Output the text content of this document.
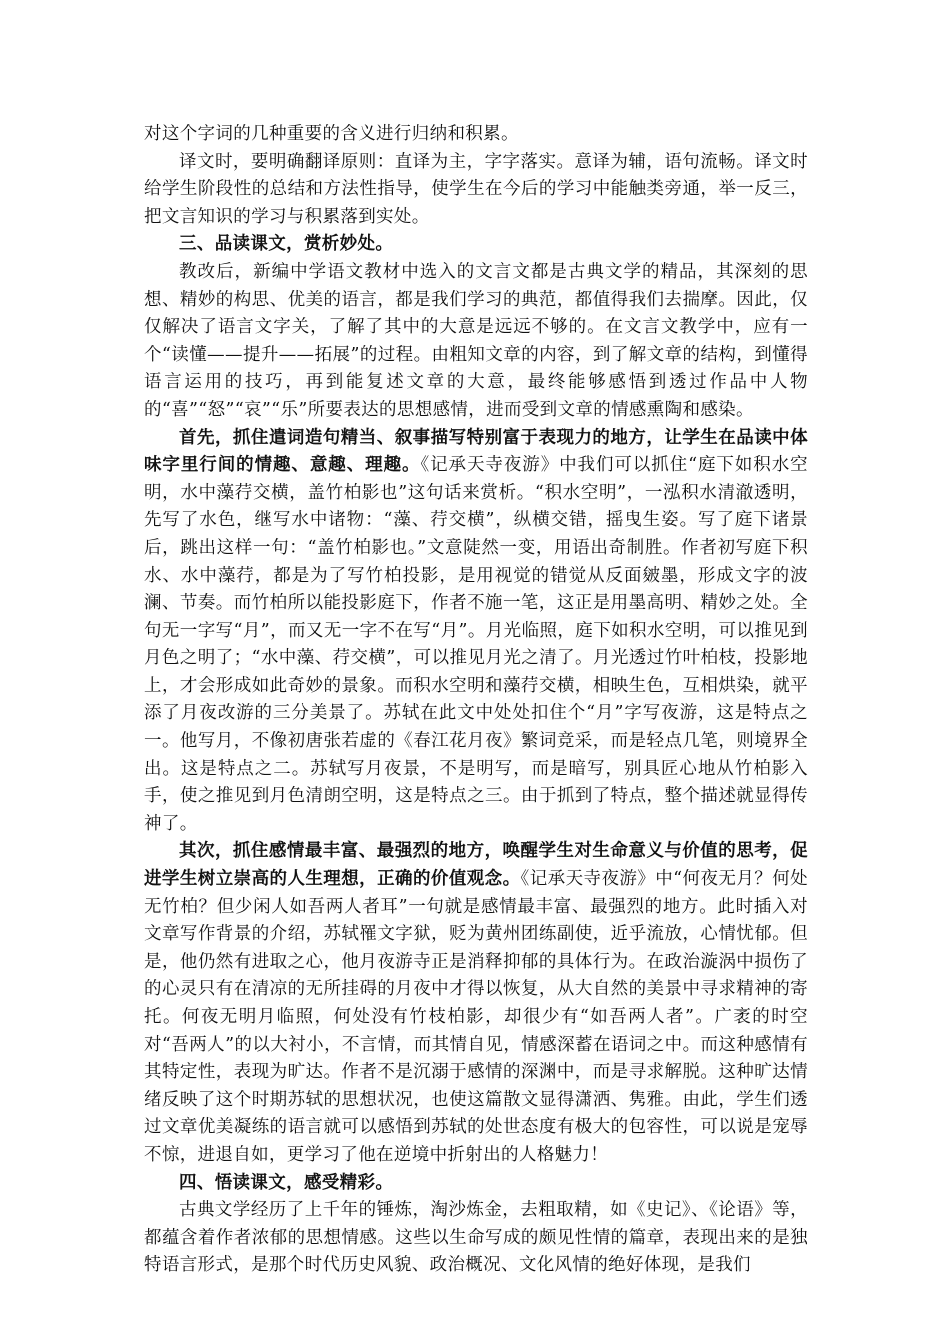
对这个字词的几种重要的含义进行归纳和积累。

译文时，要明确翻译原则：直译为主，字字落实。意译为辅，语句流畅。译文时给学生阶段性的总结和方法性指导，使学生在今后的学习中能触类旁通，举一反三，把文言知识的学习与积累落到实处。

三、品读课文，赏析妙处。

教改后，新编中学语文教材中选入的文言文都是古典文学的精品，其深刻的思想、精妙的构思、优美的语言，都是我们学习的典范，都值得我们去揣摩。因此，仅仅解决了语言文字关，了解了其中的大意是远远不够的。在文言文教学中，应有一个“读懂——提升——拓展”的过程。由粗知文章的内容，到了解文章的结构，到懂得语言运用的技巧，再到能复述文章的大意，最终能够感悟到透过作品中人物的“喜”“怒”“哀”“乐”所要表达的思想感情，进而受到文章的情感熏陶和感染。

首先，抓住遣词造句精当、叙事描写特别富于表现力的地方，让学生在品读中体味字里行间的情趣、意趣、理趣。《记承天寺夜游》中我们可以抓住“庭下如积水空明，水中藻荇交横，盖竹柏影也”这句话来赏析。“积水空明”，一泓积水清澈透明，先写了水色，继写水中诸物：“藻、荇交横”，纵横交错，摇曳生姿。写了庭下诸景后，跳出这样一句：“盖竹柏影也。”文意陡然一变，用语出奇制胜。作者初写庭下积水、水中藻荇，都是为了写竹柏投影，是用视觉的错觉从反面皴墨，形成文字的波澜、节奏。而竹柏所以能投影庭下，作者不施一笔，这正是用墨高明、精妙之处。全句无一字写“月”，而又无一字不在写“月”。月光临照，庭下如积水空明，可以推见到月色之明了；“水中藻、荇交横”，可以推见月光之清了。月光透过竹叶柏枝，投影地上，才会形成如此奇妙的景象。而积水空明和藻荇交横，相映生色，互相烘染，就平添了月夜改游的三分美景了。苏轼在此文中处处扣住个“月”字写夜游，这是特点之一。他写月，不像初唐张若虚的《春江花月夜》繁词竞采，而是轻点几笔，则境界全出。这是特点之二。苏轼写月夜景，不是明写，而是暗写，别具匠心地从竹柏影入手，使之推见到月色清朗空明，这是特点之三。由于抓到了特点，整个描述就显得传神了。

其次，抓住感情最丰富、最强烈的地方，唤醒学生对生命意义与价值的思考，促进学生树立崇高的人生理想，正确的价值观念。《记承天寺夜游》中“何夜无月？何处无竹柏？但少闲人如吾两人者耳”一句就是感情最丰富、最强烈的地方。此时插入对文章写作背景的介绍，苏轼罹文字狱，贬为黄州团练副使，近乎流放，心情忧郁。但是，他仍然有进取之心，他月夜游寺正是消释抑郁的具体行为。在政治漩涡中损伤了的心灵只有在清凉的无所挂碍的月夜中才得以恢复，从大自然的美景中寻求精神的寄托。何夜无明月临照，何处没有竹枝柏影，却很少有“如吾两人者”。广袤的时空对“吾两人”的以大衬小，不言情，而其情自见，情感深蓄在语词之中。而这种感情有其特定性，表现为旷达。作者不是沉溺于感情的深渊中，而是寻求解脱。这种旷达情绪反映了这个时期苏轼的思想状况，也使这篇散文显得潇洒、隽雅。由此，学生们透过文章优美凝练的语言就可以感悟到苏轼的处世态度有极大的包容性，可以说是宠辱不惊，进退自如，更学习了他在逆境中折射出的人格魅力！

四、悟读课文，感受精彩。

古典文学经历了上千年的锤炼，淘沙炼金，去粗取精，如《史记》、《论语》等，都蕴含着作者浓郁的思想情感。这些以生命写成的颇见性情的篇章，表现出来的是独特语言形式，是那个时代历史风貌、政治概况、文化风情的绝好体现，是我们
